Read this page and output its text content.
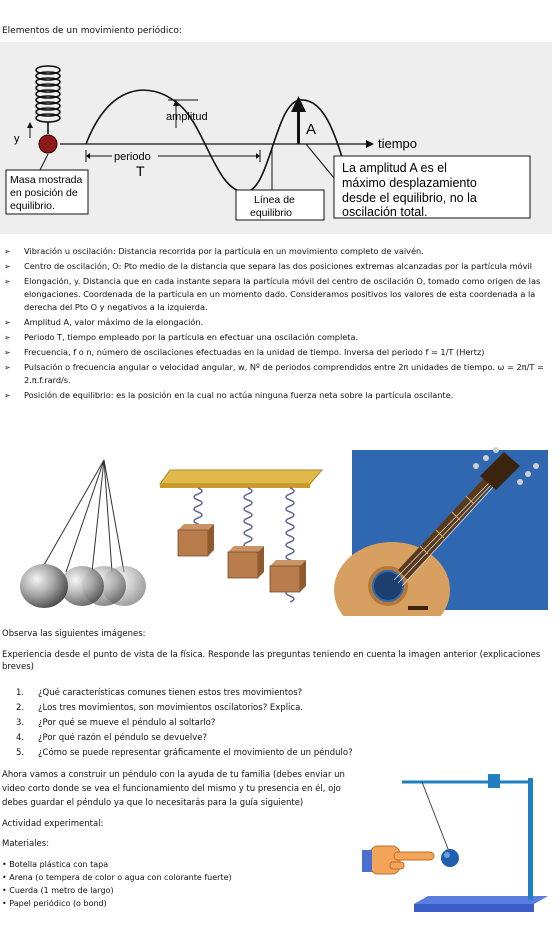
Elementos de un movimiento periódico:
y	tiempo
amplitud
A
periodo
T
Masa mostrada en posición de equilibrio.	Línea de equilibrio
La amplitud A es el máximo desplazamiento desde el equilibrio, no la oscilación total.
➢ Vibración u oscilación: Distancia recorrida por la partícula en un movimiento completo de vaivén.
➢ Centro de oscilación, O: Pto medio de la distancia que separa las dos posiciones extremas alcanzadas por la partícula móvil
➢ Elongación, y. Distancia que en cada instante separa la partícula móvil del centro de oscilación O, tomado como origen de las elongaciones. Coordenada de la partícula en un momento dado. Consideramos positivos los valores de esta coordenada a la derecha del Pto O y negativos a la izquierda.
➢ Amplitud A, valor máximo de la elongación.
➢ Periodo T, tiempo empleado por la partícula en efectuar una oscilación completa.
➢ Frecuencia, f o n, número de oscilaciones efectuadas en la unidad de tiempo. Inversa del periodo f = 1/T (Hertz)
➢ Pulsación o frecuencia angular o velocidad angular, w, Nº de periodos comprendidos entre 2π unidades de tiempo. ω = 2π/T = 2.π.f.rard/s.
➢ Posición de equilibrio: es la posición en la cual no actúa ninguna fuerza neta sobre la partícula oscilante.
Observa las siguientes imágenes:
Experiencia desde el punto de vista de la física. Responde las preguntas teniendo en cuenta la imagen anterior (explicaciones breves)
1. ¿Qué características comunes tienen estos tres movimientos?
2. ¿Los tres movimientos, son movimientos oscilatorios? Explica.
3. ¿Por qué se mueve el péndulo al soltarlo?
4. ¿Por qué razón el péndulo se devuelve?
5. ¿Cómo se puede representar gráficamente el movimiento de un péndulo?
Ahora vamos a construir un péndulo con la ayuda de tu familia (debes enviar un video corto donde se vea el funcionamiento del mismo y tu presencia en él, ojo debes guardar el péndulo ya que lo necesitarás para la guía siguiente)
Actividad experimental:
Materiales:
• Botella plástica con tapa
• Arena (o tempera de color o agua con colorante fuerte)
• Cuerda (1 metro de largo)
• Papel periódico (o bond)
